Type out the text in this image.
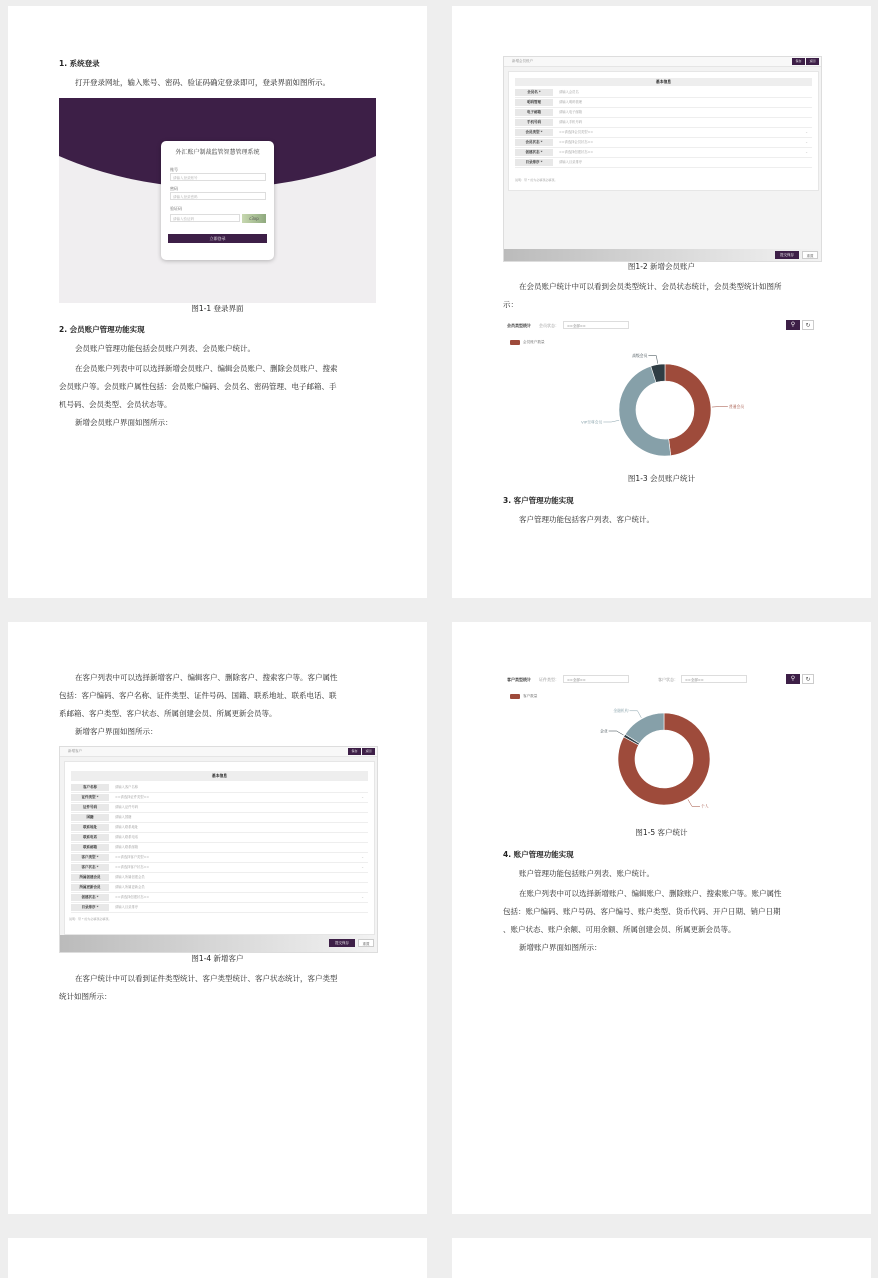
1. 系统登录
打开登录网址，输入账号、密码、验证码确定登录即可，登录界面如图所示。
外汇账户制裁监管智慧管理系统
账号
请输入登录账号
密码
请输入登录密码
验证码
请输入验证码	c3xp
立即登录
图1-1 登录界面
2. 会员账户管理功能实现
会员账户管理功能包括会员账户列表、会员账户统计。
在会员账户列表中可以选择新增会员账户、编辑会员账户、删除会员账户、搜索
会员账户等。会员账户属性包括：会员账户编码、会员名、密码管理、电子邮箱、手
机号码、会员类型、会员状态等。
新增会员账户界面如图所示：
新增会员账户	保存	返回
基本信息
会员名 *	请输入会员名
明码管理	请输入明码管理
电子邮箱	请输入电子邮箱
手机号码	请输入手机号码
会员类型 *	==请选择会员类型==	⌄
会员状态 *	==请选择会员状态==	⌄
创建状态 *	==请选择创建状态==	⌄
目录排序 *	请输入目录排序
说明：带 * 的为必填项必填项。
提交保存	重置
图1-2 新增会员账户
在会员账户统计中可以看到会员类型统计、会员状态统计，会员类型统计如图所
示：
会员类型统计 会员状态：	==全部==	⚲	↻
会员账户数量
普通会员
VIP至尊会员
高级会员
图1-3 会员账户统计
3. 客户管理功能实现
客户管理功能包括客户列表、客户统计。
在客户列表中可以选择新增客户、编辑客户、删除客户、搜索客户等。客户属性
包括：客户编码、客户名称、证件类型、证件号码、国籍、联系地址、联系电话、联
系邮箱、客户类型、客户状态、所属创建会员、所属更新会员等。
新增客户界面如图所示：
新增客户	保存	返回
基本信息
客户名称	请输入客户名称
证件类型 *	==请选择证件类型==	⌄
证件号码	请输入证件号码
国籍	请输入国籍
联系地址	请输入联系地址
联系电话	请输入联系电话
联系邮箱	请输入联系邮箱
客户类型 *	==请选择客户类型==	⌄
客户状态 *	==请选择客户状态==	⌄
所属创建会员	请输入所属创建会员
所属更新会员	请输入所属更新会员
创建状态 *	==请选择创建状态==	⌄
目录排序 *	请输入目录排序
说明：带 * 的为必填项必填项。
提交保存	重置
图1-4 新增客户
在客户统计中可以看到证件类型统计、客户类型统计、客户状态统计，客户类型
统计如图所示：
客户类型统计 证件类型：	==全部==	客户状态：	==全部==	⚲	↻
客户数量
个人
企业
金融机构
图1-5 客户统计
4. 账户管理功能实现
账户管理功能包括账户列表、账户统计。
在账户列表中可以选择新增账户、编辑账户、删除账户、搜索账户等。账户属性
包括：账户编码、账户号码、客户编号、账户类型、货币代码、开户日期、销户日期
、账户状态、账户余额、可用余额、所属创建会员、所属更新会员等。
新增账户界面如图所示：
